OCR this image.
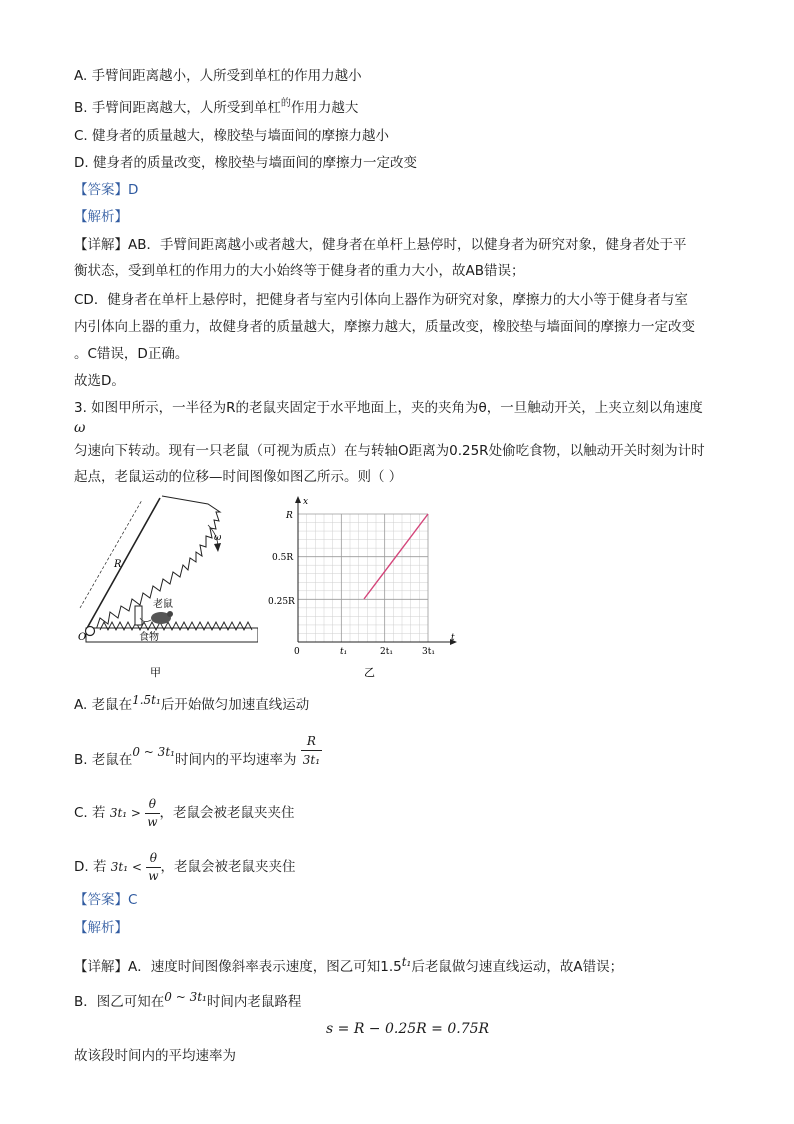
A. 手臂间距离越小，人所受到单杠的作用力越小
B. 手臂间距离越大，人所受到单杠$^的$作用力越大
C. 健身者的质量越大，橡胶垫与墙面间的摩擦力越小
D. 健身者的质量改变，橡胶垫与墙面间的摩擦力一定改变
【答案】D
【解析】
【详解】AB．手臂间距离越小或者越大，健身者在单杆上悬停时，以健身者为研究对象，健身者处于平
衡状态，受到单杠的作用力的大小始终等于健身者的重力大小，故AB错误；
CD．健身者在单杆上悬停时，把健身者与室内引体向上器作为研究对象，摩擦力的大小等于健身者与室
内引体向上器的重力，故健身者的质量越大，摩擦力越大，质量改变，橡胶垫与墙面间的摩擦力一定改变
。C错误，D正确。
故选D。
3. 如图甲所示，一半径为R的老鼠夹固定于水平地面上，夹的夹角为θ，一旦触动开关，上夹立刻以角速度
ω
匀速向下转动。现有一只老鼠（可视为质点）在与转轴O距离为0.25R处偷吃食物，以触动开关时刻为计时
起点，老鼠运动的位移—时间图像如图乙所示。则（ ）
R
ω
O
老鼠
食物
甲
x
t
R
0.5R
0.25R
0	t₁	2t₁	3t₁
乙
A. 老鼠在1.5t₁后开始做匀加速直线运动
B. 老鼠在0 ~ 3t₁时间内的平均速率为 $\frac{R}{\text{3t₁}}$
C. 若 $3t_1 > \frac{\theta}{w}$ ，老鼠会被老鼠夹夹住
D. 若 $3t_1 < \frac{\theta}{w}$ ，老鼠会被老鼠夹夹住
【答案】C
【解析】
【详解】A．速度时间图像斜率表示速度，图乙可知1.5t₁后老鼠做匀速直线运动，故A错误；
B．图乙可知在0 ~ 3t₁时间内老鼠路程
s = R − 0.25R = 0.75R
故该段时间内的平均速率为
